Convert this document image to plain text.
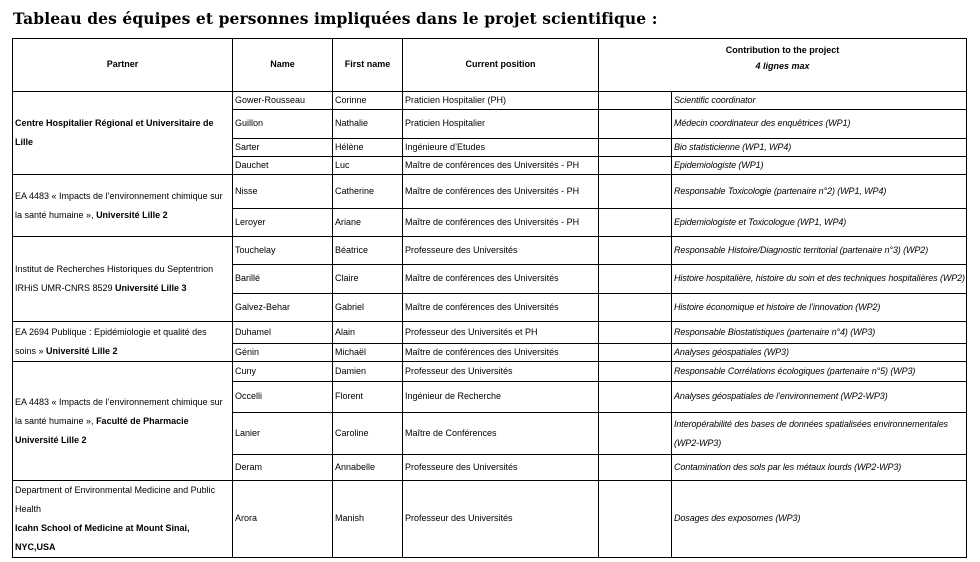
Tableau des équipes et personnes impliquées dans le projet scientifique :
Partner	Name	First name	Current position	Contribution to the project
4 lignes max	

Centre Hospitalier Régional et Universitaire de Lille	Gower-Rousseau	Corinne	Praticien Hospitalier (PH)		Scientific coordinator
	Guillon	Nathalie	Praticien Hospitalier		Médecin coordinateur des enquêtrices (WP1)
	Sarter	Hélène	Ingénieure d’Etudes		Bio statisticienne (WP1, WP4)
	Dauchet	Luc	Maître de conférences des Universités - PH		Epidemiologiste (WP1)
EA 4483 « Impacts de l’environnement chimique sur la santé humaine », Université Lille 2	Nisse	Catherine	Maître de conférences des Universités - PH		Responsable Toxicologie (partenaire n°2) (WP1, WP4)
	Leroyer	Ariane	Maître de conférences des Universités - PH		Epidemiologiste et Toxicologue (WP1, WP4)
Institut de Recherches Historiques du Septentrion IRHiS UMR-CNRS 8529 Université Lille 3	Touchelay	Béatrice	Professeure des Universités		Responsable Histoire/Diagnostic territorial (partenaire n°3) (WP2)
	Barillé	Claire	Maître de conférences des Universités		Histoire hospitalière, histoire du soin et des techniques hospitalières (WP2)
	Galvez-Behar	Gabriel	Maître de conférences des Universités		Histoire économique et histoire de l’innovation (WP2)
EA 2694 Publique : Epidémiologie et qualité des soins » Université Lille 2	Duhamel	Alain	Professeur des Universités et PH		Responsable Biostatistiques (partenaire n°4) (WP3)
	Génin	Michaël	Maître de conférences des Universités		Analyses géospatiales (WP3)
EA 4483 « Impacts de l’environnement chimique sur la santé humaine », Faculté de Pharmacie Université Lille 2	Cuny	Damien	Professeur des Universités		Responsable Corrélations écologiques (partenaire n°5) (WP3)
	Occelli	Florent	Ingénieur de Recherche		Analyses géospatiales de l’environnement (WP2-WP3)
	Lanier	Caroline	Maître de Conférences		Interopérabilité des bases de données spatialisées environnementales (WP2-WP3)
	Deram	Annabelle	Professeure des Universités		Contamination des sols par les métaux lourds (WP2-WP3)
Department of Environmental Medicine and Public Health
Icahn School of Medicine at Mount Sinai, NYC,USA	Arora	Manish	Professeur des Universités		Dosages des exposomes (WP3)
